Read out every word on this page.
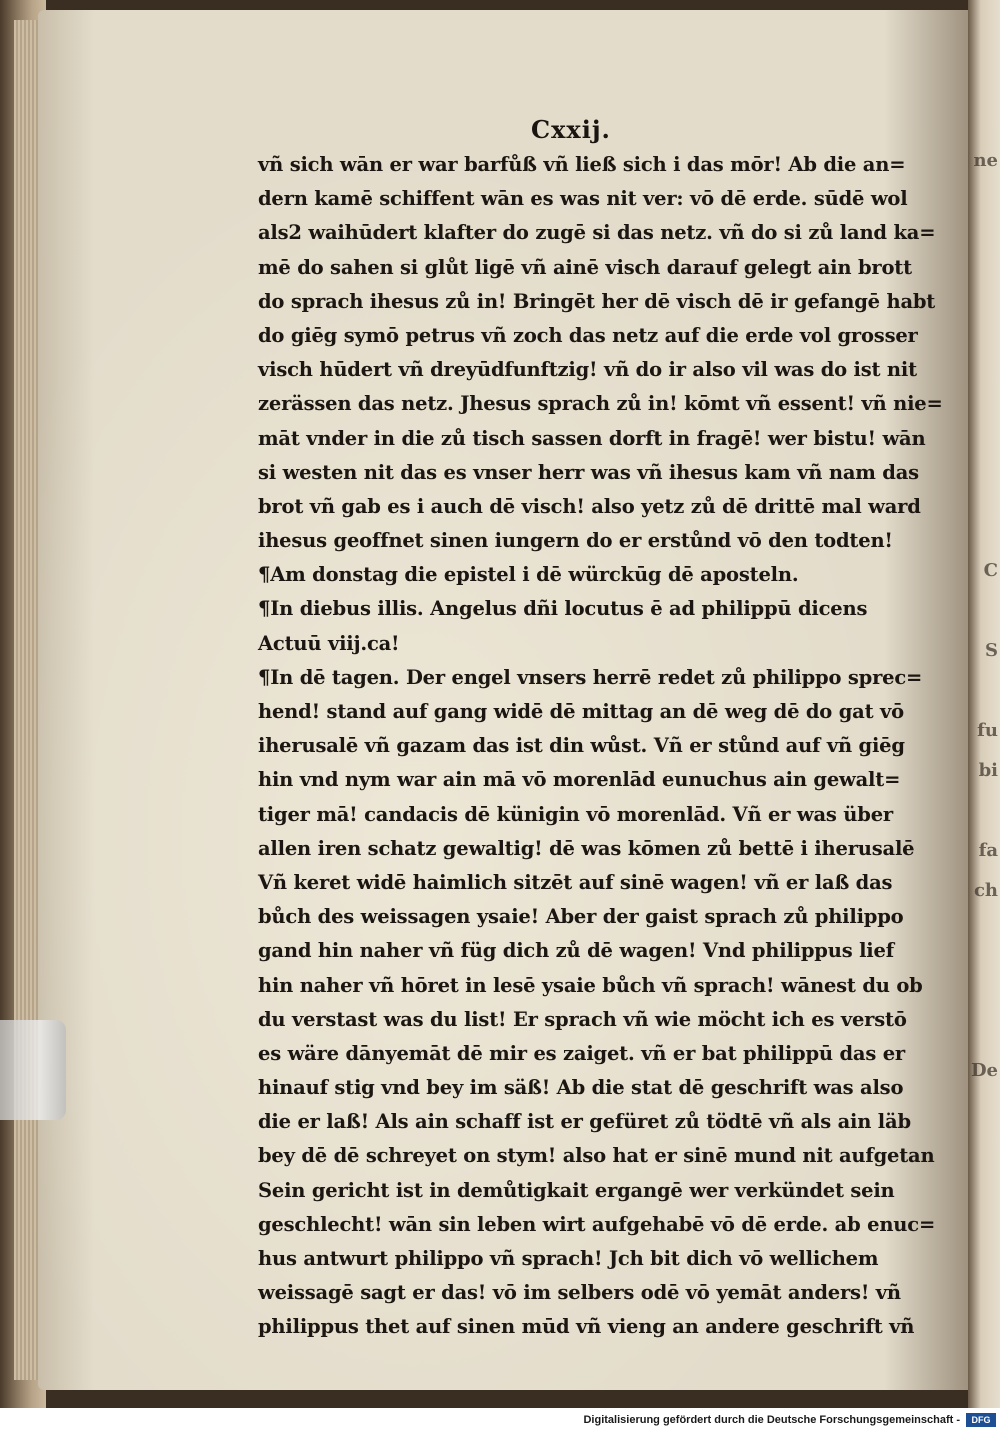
ne
C
S
fu
bi
fa
ch
De
Cxxij.
vñ sich wān er war barfůß vñ ließ sich i das mōr! Ab die an=
dern kamē schiffent wān es was nit ver: vō dē erde. sūdē wol
als2 waihūdert klafter do zugē si das netz. vñ do si zů land ka=
mē do sahen si glůt ligē vñ ainē visch darauf gelegt ain brott
do sprach ihesus zů in! Bringēt her dē visch dē ir gefangē habt
do giēg symō petrus vñ zoch das netz auf die erde vol grosser
visch hūdert vñ dreyūdfunftzig! vñ do ir also vil was do ist nit
zerässen das netz. Jhesus sprach zů in! kōmt vñ essent! vñ nie=
māt vnder in die zů tisch sassen dorft in fragē! wer bistu! wān
si westen nit das es vnser herr was vñ ihesus kam vñ nam das
brot vñ gab es i auch dē visch! also yetz zů dē drittē mal ward
ihesus geoffnet sinen iungern do er erstůnd vō den todten!
¶Am donstag die epistel i dē würckūg dē aposteln.
¶In diebus illis. Angelus dñi locutus ē ad philippū dicens
Actuū viij.ca!
¶In dē tagen. Der engel vnsers herrē redet zů philippo sprec=
hend! stand auf gang widē dē mittag an dē weg dē do gat vō
iherusalē vñ gazam das ist din wůst. Vñ er stůnd auf vñ giēg
hin vnd nym war ain mā vō morenlād eunuchus ain gewalt=
tiger mā! candacis dē künigin vō morenlād. Vñ er was über
allen iren schatz gewaltig! dē was kōmen zů bettē i iherusalē
Vñ keret widē haimlich sitzēt auf sinē wagen! vñ er laß das
bůch des weissagen ysaie! Aber der gaist sprach zů philippo
gand hin naher vñ füg dich zů dē wagen! Vnd philippus lief
hin naher vñ hōret in lesē ysaie bůch vñ sprach! wānest du ob
du verstast was du list! Er sprach vñ wie möcht ich es verstō
es wäre dānyemāt dē mir es zaiget. vñ er bat philippū das er
hinauf stig vnd bey im säß! Ab die stat dē geschrift was also
die er laß! Als ain schaff ist er gefüret zů tödtē vñ als ain läb
bey dē dē schreyet on stym! also hat er sinē mund nit aufgetan
Sein gericht ist in demůtigkait ergangē wer verkündet sein
geschlecht! wān sin leben wirt aufgehabē vō dē erde. ab enuc=
hus antwurt philippo vñ sprach! Jch bit dich vō wellichem
weissagē sagt er das! vō im selbers odē vō yemāt anders! vñ
philippus thet auf sinen mūd vñ vieng an andere geschrift vñ
Digitalisierung gefördert durch die Deutsche Forschungsgemeinschaft -	DFG
